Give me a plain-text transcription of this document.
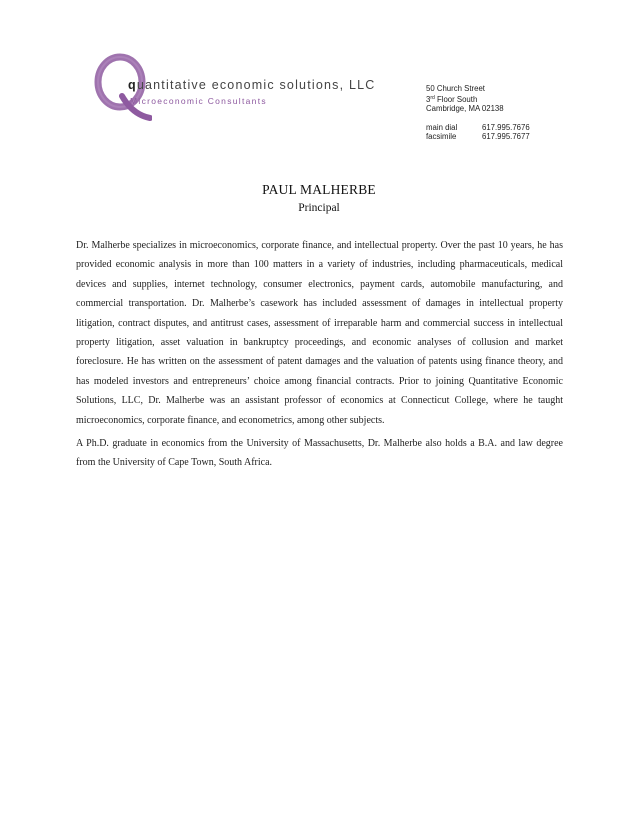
quantitative economic solutions, LLC
Microeconomic Consultants
50 Church Street
3rd Floor South
Cambridge, MA 02138
main dial	617.995.7676
facsimile	617.995.7677
PAUL MALHERBE
Principal

Dr. Malherbe specializes in microeconomics, corporate finance, and intellectual property. Over the past 10 years, he has provided economic analysis in more than 100 matters in a variety of industries, including pharmaceuticals, medical devices and supplies, internet technology, consumer electronics, payment cards, automobile manufacturing, and commercial transportation. Dr. Malherbe’s casework has included assessment of damages in intellectual property litigation, contract disputes, and antitrust cases, assessment of irreparable harm and commercial success in intellectual property litigation, asset valuation in bankruptcy proceedings, and economic analyses of collusion and market foreclosure. He has written on the assessment of patent damages and the valuation of patents using finance theory, and has modeled investors and entrepreneurs’ choice among financial contracts. Prior to joining Quantitative Economic Solutions, LLC, Dr. Malherbe was an assistant professor of economics at Connecticut College, where he taught microeconomics, corporate finance, and econometrics, among other subjects.

A Ph.D. graduate in economics from the University of Massachusetts, Dr. Malherbe also holds a B.A. and law degree from the University of Cape Town, South Africa.
